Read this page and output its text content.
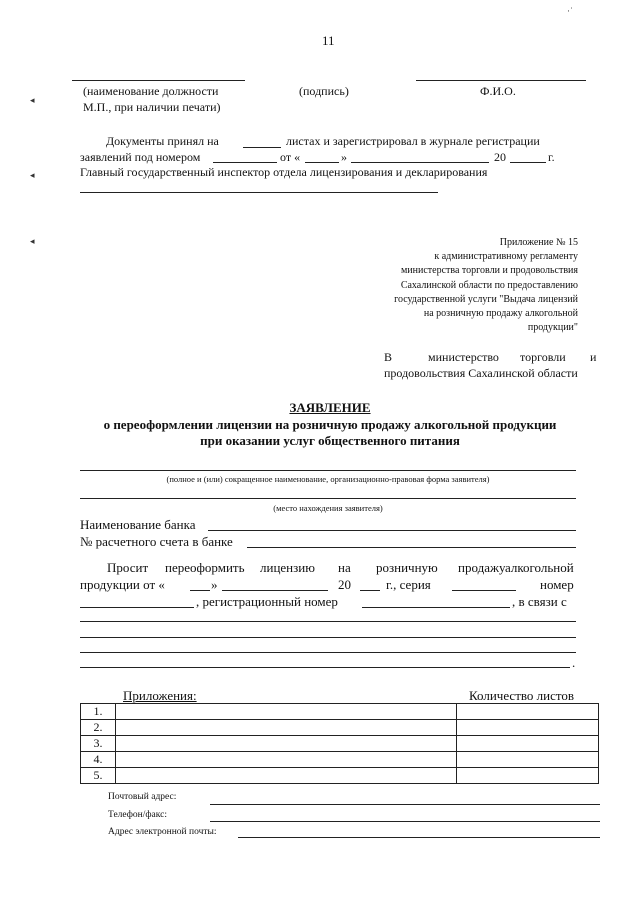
·˙
◂
◂
◂
11
(наименование должности	(подпись)	Ф.И.О.
М.П., при наличии печати)
Документы принял на	листах и зарегистрировал в журнале регистрации
заявлений под номером	от «	»	20	г.
Главный государственный инспектор отдела лицензирования и декларирования
Приложение № 15
к административному регламенту
министерства торговли и продовольствия
Сахалинской области по предоставлению
государственной услуги "Выдача лицензий
на розничную продажу алкогольной
продукции"
В	министерство торговли и
продовольствия Сахалинской области
ЗАЯВЛЕНИЕ
о переоформлении лицензии на розничную продажу алкогольной продукции
при оказании услуг общественного питания
(полное и (или) сокращенное наименование, организационно-правовая форма заявителя)
(место нахождения заявителя)
Наименование банка
№ расчетного счета в банке
Просит переоформить лицензию на розничную продажу алкогольной
продукции от «	»	20	г., серия	номер
, регистрационный номер	, в связи с
.
Приложения:	Количество листов
1.		
2.		
3.		
4.		
5.		
Почтовый адрес:
Телефон/факс:
Адрес электронной почты:
